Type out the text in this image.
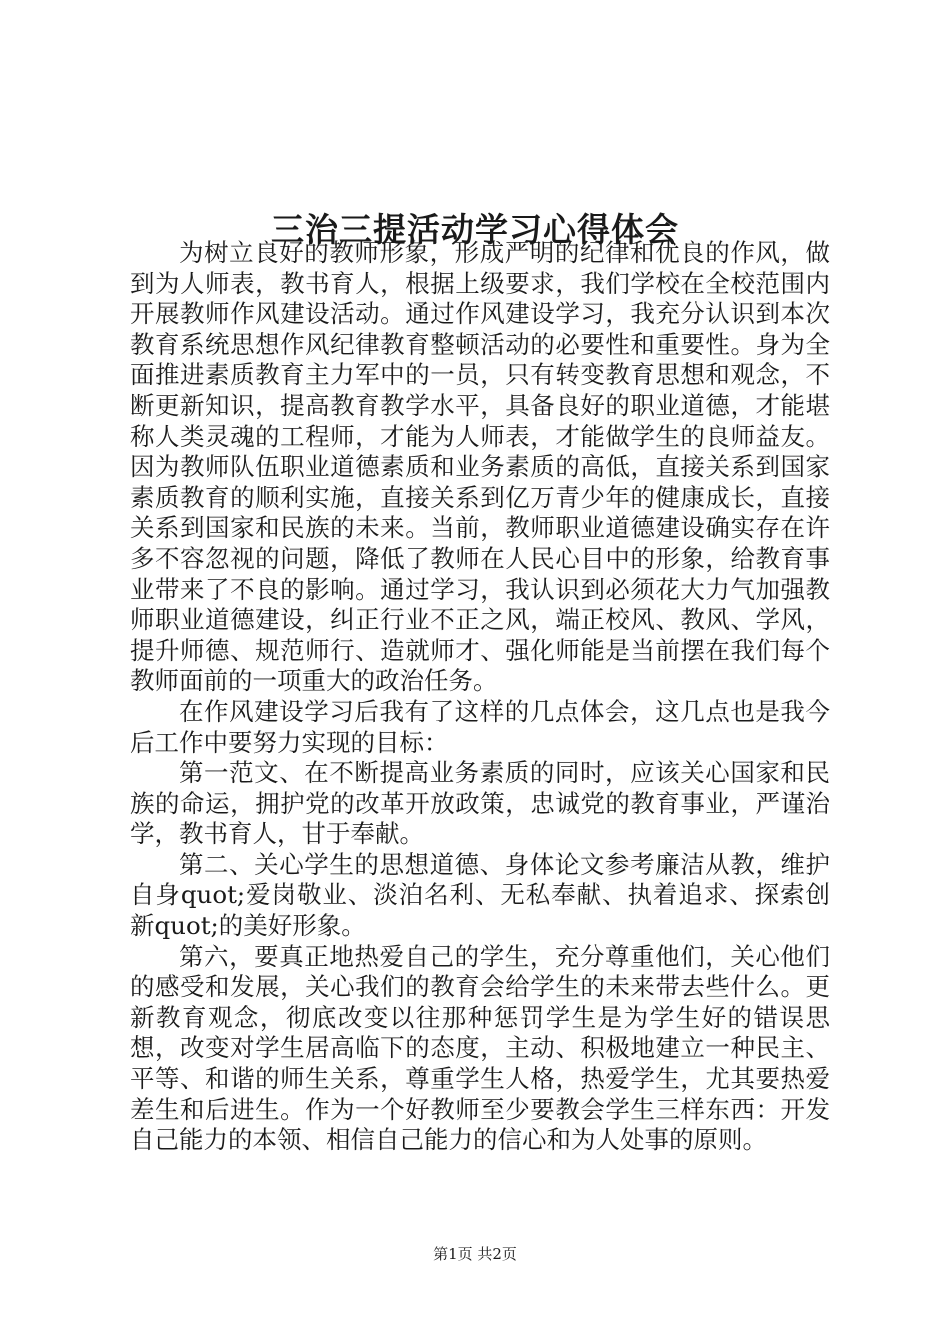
三治三提活动学习心得体会

为树立良好的教师形象，形成严明的纪律和优良的作风，做到为人师表，教书育人，根据上级要求，我们学校在全校范围内开展教师作风建设活动。通过作风建设学习，我充分认识到本次教育系统思想作风纪律教育整顿活动的必要性和重要性。身为全面推进素质教育主力军中的一员，只有转变教育思想和观念，不断更新知识，提高教育教学水平，具备良好的职业道德，才能堪称人类灵魂的工程师，才能为人师表，才能做学生的良师益友。因为教师队伍职业道德素质和业务素质的高低，直接关系到国家素质教育的顺利实施，直接关系到亿万青少年的健康成长，直接关系到国家和民族的未来。当前，教师职业道德建设确实存在许多不容忽视的问题，降低了教师在人民心目中的形象，给教育事业带来了不良的影响。通过学习，我认识到必须花大力气加强教师职业道德建设，纠正行业不正之风，端正校风、教风、学风，提升师德、规范师行、造就师才、强化师能是当前摆在我们每个教师面前的一项重大的政治任务。

在作风建设学习后我有了这样的几点体会，这几点也是我今后工作中要努力实现的目标：

第一范文、在不断提高业务素质的同时，应该关心国家和民族的命运，拥护党的改革开放政策，忠诚党的教育事业，严谨治学，教书育人，甘于奉献。

第二、关心学生的思想道德、身体论文参考廉洁从教，维护自身quot;爱岗敬业、淡泊名利、无私奉献、执着追求、探索创新quot;的美好形象。

第六，要真正地热爱自己的学生，充分尊重他们，关心他们的感受和发展，关心我们的教育会给学生的未来带去些什么。更新教育观念，彻底改变以往那种惩罚学生是为学生好的错误思想，改变对学生居高临下的态度，主动、积极地建立一种民主、平等、和谐的师生关系，尊重学生人格，热爱学生，尤其要热爱差生和后进生。作为一个好教师至少要教会学生三样东西：开发自己能力的本领、相信自己能力的信心和为人处事的原则。

第1页 共2页
